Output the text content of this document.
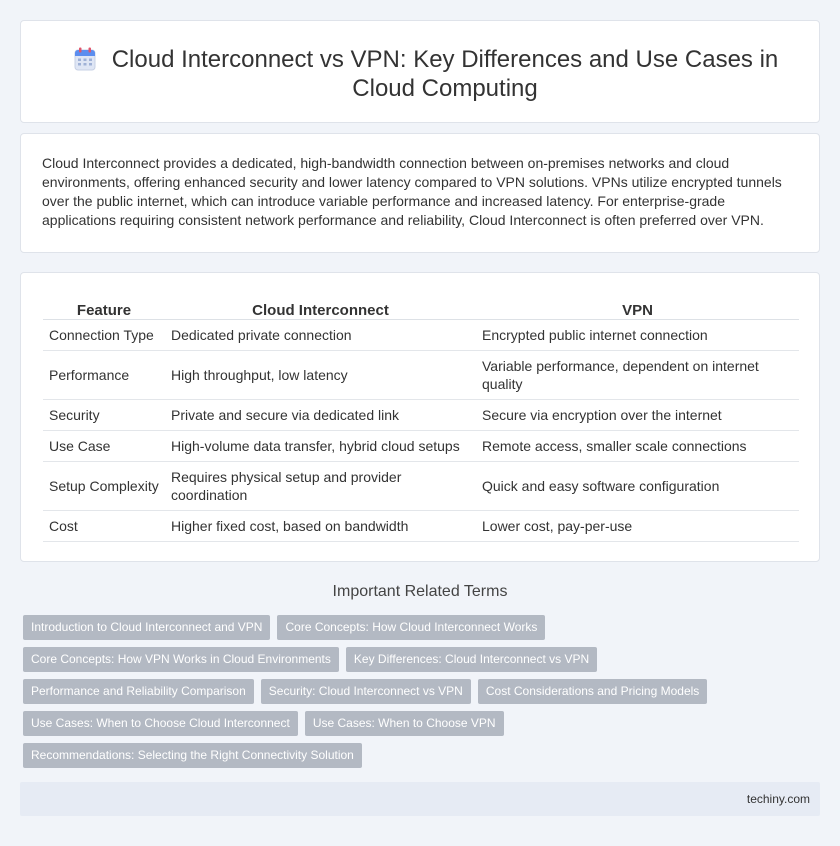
Cloud Interconnect vs VPN: Key Differences and Use Cases in Cloud Computing

Cloud Interconnect provides a dedicated, high-bandwidth connection between on-premises networks and cloud environments, offering enhanced security and lower latency compared to VPN solutions. VPNs utilize encrypted tunnels over the public internet, which can introduce variable performance and increased latency. For enterprise-grade applications requiring consistent network performance and reliability, Cloud Interconnect is often preferred over VPN.

Feature	Cloud Interconnect	VPN
Connection Type	Dedicated private connection	Encrypted public internet connection
Performance	High throughput, low latency	Variable performance, dependent on internet quality
Security	Private and secure via dedicated link	Secure via encryption over the internet
Use Case	High-volume data transfer, hybrid cloud setups	Remote access, smaller scale connections
Setup Complexity	Requires physical setup and provider coordination	Quick and easy software configuration
Cost	Higher fixed cost, based on bandwidth	Lower cost, pay-per-use
Important Related Terms
Introduction to Cloud Interconnect and VPN	Core Concepts: How Cloud Interconnect Works
Core Concepts: How VPN Works in Cloud Environments	Key Differences: Cloud Interconnect vs VPN
Performance and Reliability Comparison	Security: Cloud Interconnect vs VPN	Cost Considerations and Pricing Models
Use Cases: When to Choose Cloud Interconnect	Use Cases: When to Choose VPN
Recommendations: Selecting the Right Connectivity Solution
techiny.com
